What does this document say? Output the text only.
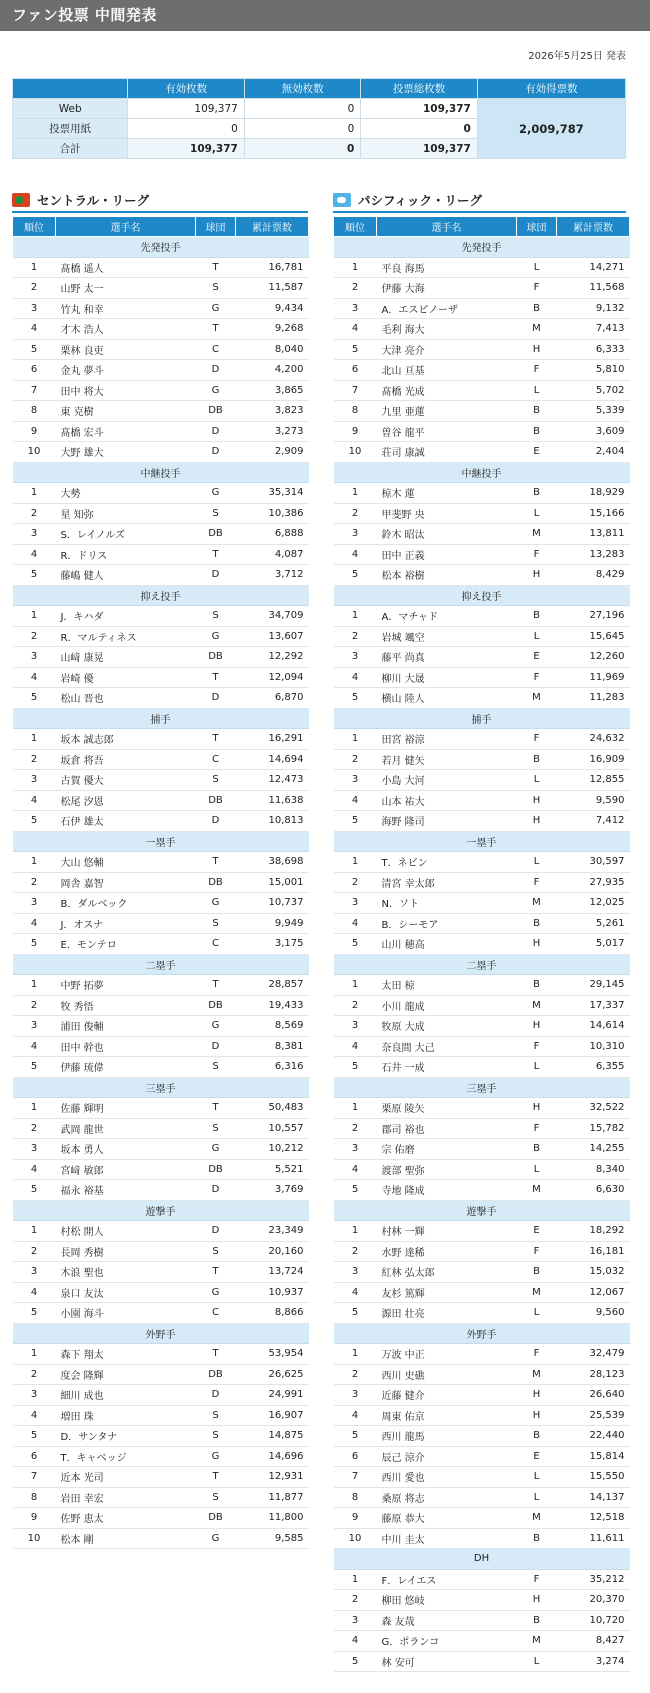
ファン投票 中間発表
2026年5月25日 発表
	有効枚数	無効枚数	投票総枚数	有効得票数
Web	109,377	0	109,377	2,009,787
投票用紙	0	0	0	
合計	109,377	0	109,377	
セントラル・リーグ
順位	選手名	球団	累計票数
先発投手			
1	髙橋 遥人	T	16,781
2	山野 太一	S	11,587
3	竹丸 和幸	G	9,434
4	才木 浩人	T	9,268
5	栗林 良吏	C	8,040
6	金丸 夢斗	D	4,200
7	田中 将大	G	3,865
8	東 克樹	DB	3,823
9	髙橋 宏斗	D	3,273
10	大野 雄大	D	2,909
中継投手			
1	大勢	G	35,314
2	星 知弥	S	10,386
3	S．レイノルズ	DB	6,888
4	R．ドリス	T	4,087
5	藤嶋 健人	D	3,712
抑え投手			
1	J．キハダ	S	34,709
2	R．マルティネス	G	13,607
3	山﨑 康晃	DB	12,292
4	岩崎 優	T	12,094
5	松山 晋也	D	6,870
捕手			
1	坂本 誠志郎	T	16,291
2	坂倉 将吾	C	14,694
3	古賀 優大	S	12,473
4	松尾 汐恩	DB	11,638
5	石伊 雄太	D	10,813
一塁手			
1	大山 悠輔	T	38,698
2	岡舎 嘉智	DB	15,001
3	B．ダルベック	G	10,737
4	J．オスナ	S	9,949
5	E．モンテロ	C	3,175
二塁手			
1	中野 拓夢	T	28,857
2	牧 秀悟	DB	19,433
3	浦田 俊輔	G	8,569
4	田中 幹也	D	8,381
5	伊藤 琉偉	S	6,316
三塁手			
1	佐藤 輝明	T	50,483
2	武岡 龍世	S	10,557
3	坂本 勇人	G	10,212
4	宮﨑 敏郎	DB	5,521
5	福永 裕基	D	3,769
遊撃手			
1	村松 開人	D	23,349
2	長岡 秀樹	S	20,160
3	木浪 聖也	T	13,724
4	泉口 友汰	G	10,937
5	小園 海斗	C	8,866
外野手			
1	森下 翔太	T	53,954
2	度会 隆輝	DB	26,625
3	細川 成也	D	24,991
4	増田 珠	S	16,907
5	D．サンタナ	S	14,875
6	T．キャベッジ	G	14,696
7	近本 光司	T	12,931
8	岩田 幸宏	S	11,877
9	佐野 恵太	DB	11,800
10	松本 剛	G	9,585
パシフィック・リーグ
順位	選手名	球団	累計票数
先発投手			
1	平良 海馬	L	14,271
2	伊藤 大海	F	11,568
3	A．エスピノーザ	B	9,132
4	毛利 海大	M	7,413
5	大津 亮介	H	6,333
6	北山 亘基	F	5,810
7	髙橋 光成	L	5,702
8	九里 亜蓮	B	5,339
9	曽谷 龍平	B	3,609
10	荘司 康誠	E	2,404
中継投手			
1	椋木 蓮	B	18,929
2	甲斐野 央	L	15,166
3	鈴木 昭汰	M	13,811
4	田中 正義	F	13,283
5	松本 裕樹	H	8,429
抑え投手			
1	A．マチャド	B	27,196
2	岩城 颯空	L	15,645
3	藤平 尚真	E	12,260
4	柳川 大晟	F	11,969
5	横山 陸人	M	11,283
捕手			
1	田宮 裕涼	F	24,632
2	若月 健矢	B	16,909
3	小島 大河	L	12,855
4	山本 祐大	H	9,590
5	海野 隆司	H	7,412
一塁手			
1	T．ネビン	L	30,597
2	清宮 幸太郎	F	27,935
3	N．ソト	M	12,025
4	B．シーモア	B	5,261
5	山川 穂高	H	5,017
二塁手			
1	太田 椋	B	29,145
2	小川 龍成	M	17,337
3	牧原 大成	H	14,614
4	奈良間 大己	F	10,310
5	石井 一成	L	6,355
三塁手			
1	栗原 陵矢	H	32,522
2	郡司 裕也	F	15,782
3	宗 佑磨	B	14,255
4	渡部 聖弥	L	8,340
5	寺地 隆成	M	6,630
遊撃手			
1	村林 一輝	E	18,292
2	水野 達稀	F	16,181
3	紅林 弘太郎	B	15,032
4	友杉 篤輝	M	12,067
5	源田 壮亮	L	9,560
外野手			
1	万波 中正	F	32,479
2	西川 史礁	M	28,123
3	近藤 健介	H	26,640
4	周東 佑京	H	25,539
5	西川 龍馬	B	22,440
6	辰己 涼介	E	15,814
7	西川 愛也	L	15,550
8	桑原 将志	L	14,137
9	藤原 恭大	M	12,518
10	中川 圭太	B	11,611
DH			
1	F．レイエス	F	35,212
2	柳田 悠岐	H	20,370
3	森 友哉	B	10,720
4	G．ポランコ	M	8,427
5	林 安可	L	3,274
